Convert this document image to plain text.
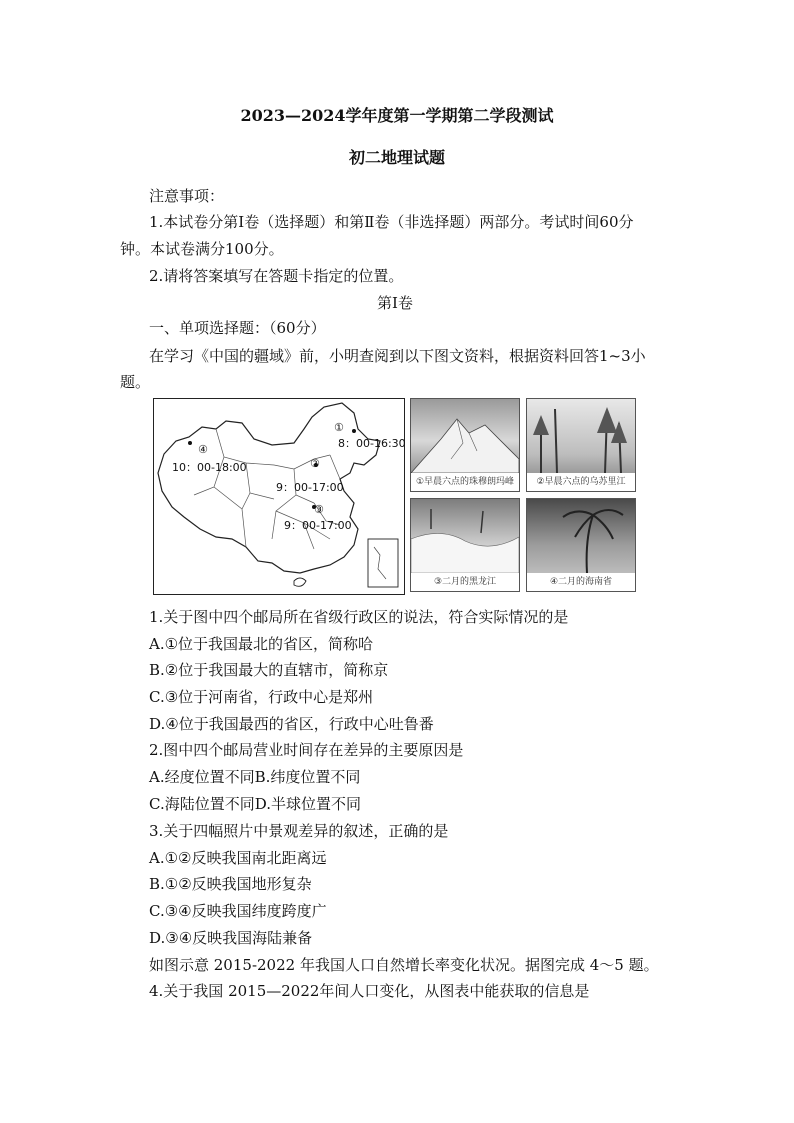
2023—2024学年度第一学期第二学段测试
初二地理试题
注意事项：
1.本试卷分第Ⅰ卷（选择题）和第Ⅱ卷（非选择题）两部分。考试时间60分
钟。本试卷满分100分。
2.请将答案填写在答题卡指定的位置。
第Ⅰ卷
一、单项选择题：（60分）
在学习《中国的疆域》前，小明查阅到以下图文资料，根据资料回答1~3小
题。
①
8：00-16:30
②
9：00-17:00
③
9：00-17:00
④
10：00-18:00
①早晨六点的珠穆朗玛峰	②早晨六点的乌苏里江
③二月的黑龙江	④二月的海南省
1.关于图中四个邮局所在省级行政区的说法，符合实际情况的是
A.①位于我国最北的省区，简称哈
B.②位于我国最大的直辖市，简称京
C.③位于河南省，行政中心是郑州
D.④位于我国最西的省区，行政中心吐鲁番
2.图中四个邮局营业时间存在差异的主要原因是
A.经度位置不同B.纬度位置不同
C.海陆位置不同D.半球位置不同
3.关于四幅照片中景观差异的叙述，正确的是
A.①②反映我国南北距离远
B.①②反映我国地形复杂
C.③④反映我国纬度跨度广
D.③④反映我国海陆兼备
如图示意 2015-2022 年我国人口自然增长率变化状况。据图完成 4～5 题。
4.关于我国 2015—2022年间人口变化，从图表中能获取的信息是
